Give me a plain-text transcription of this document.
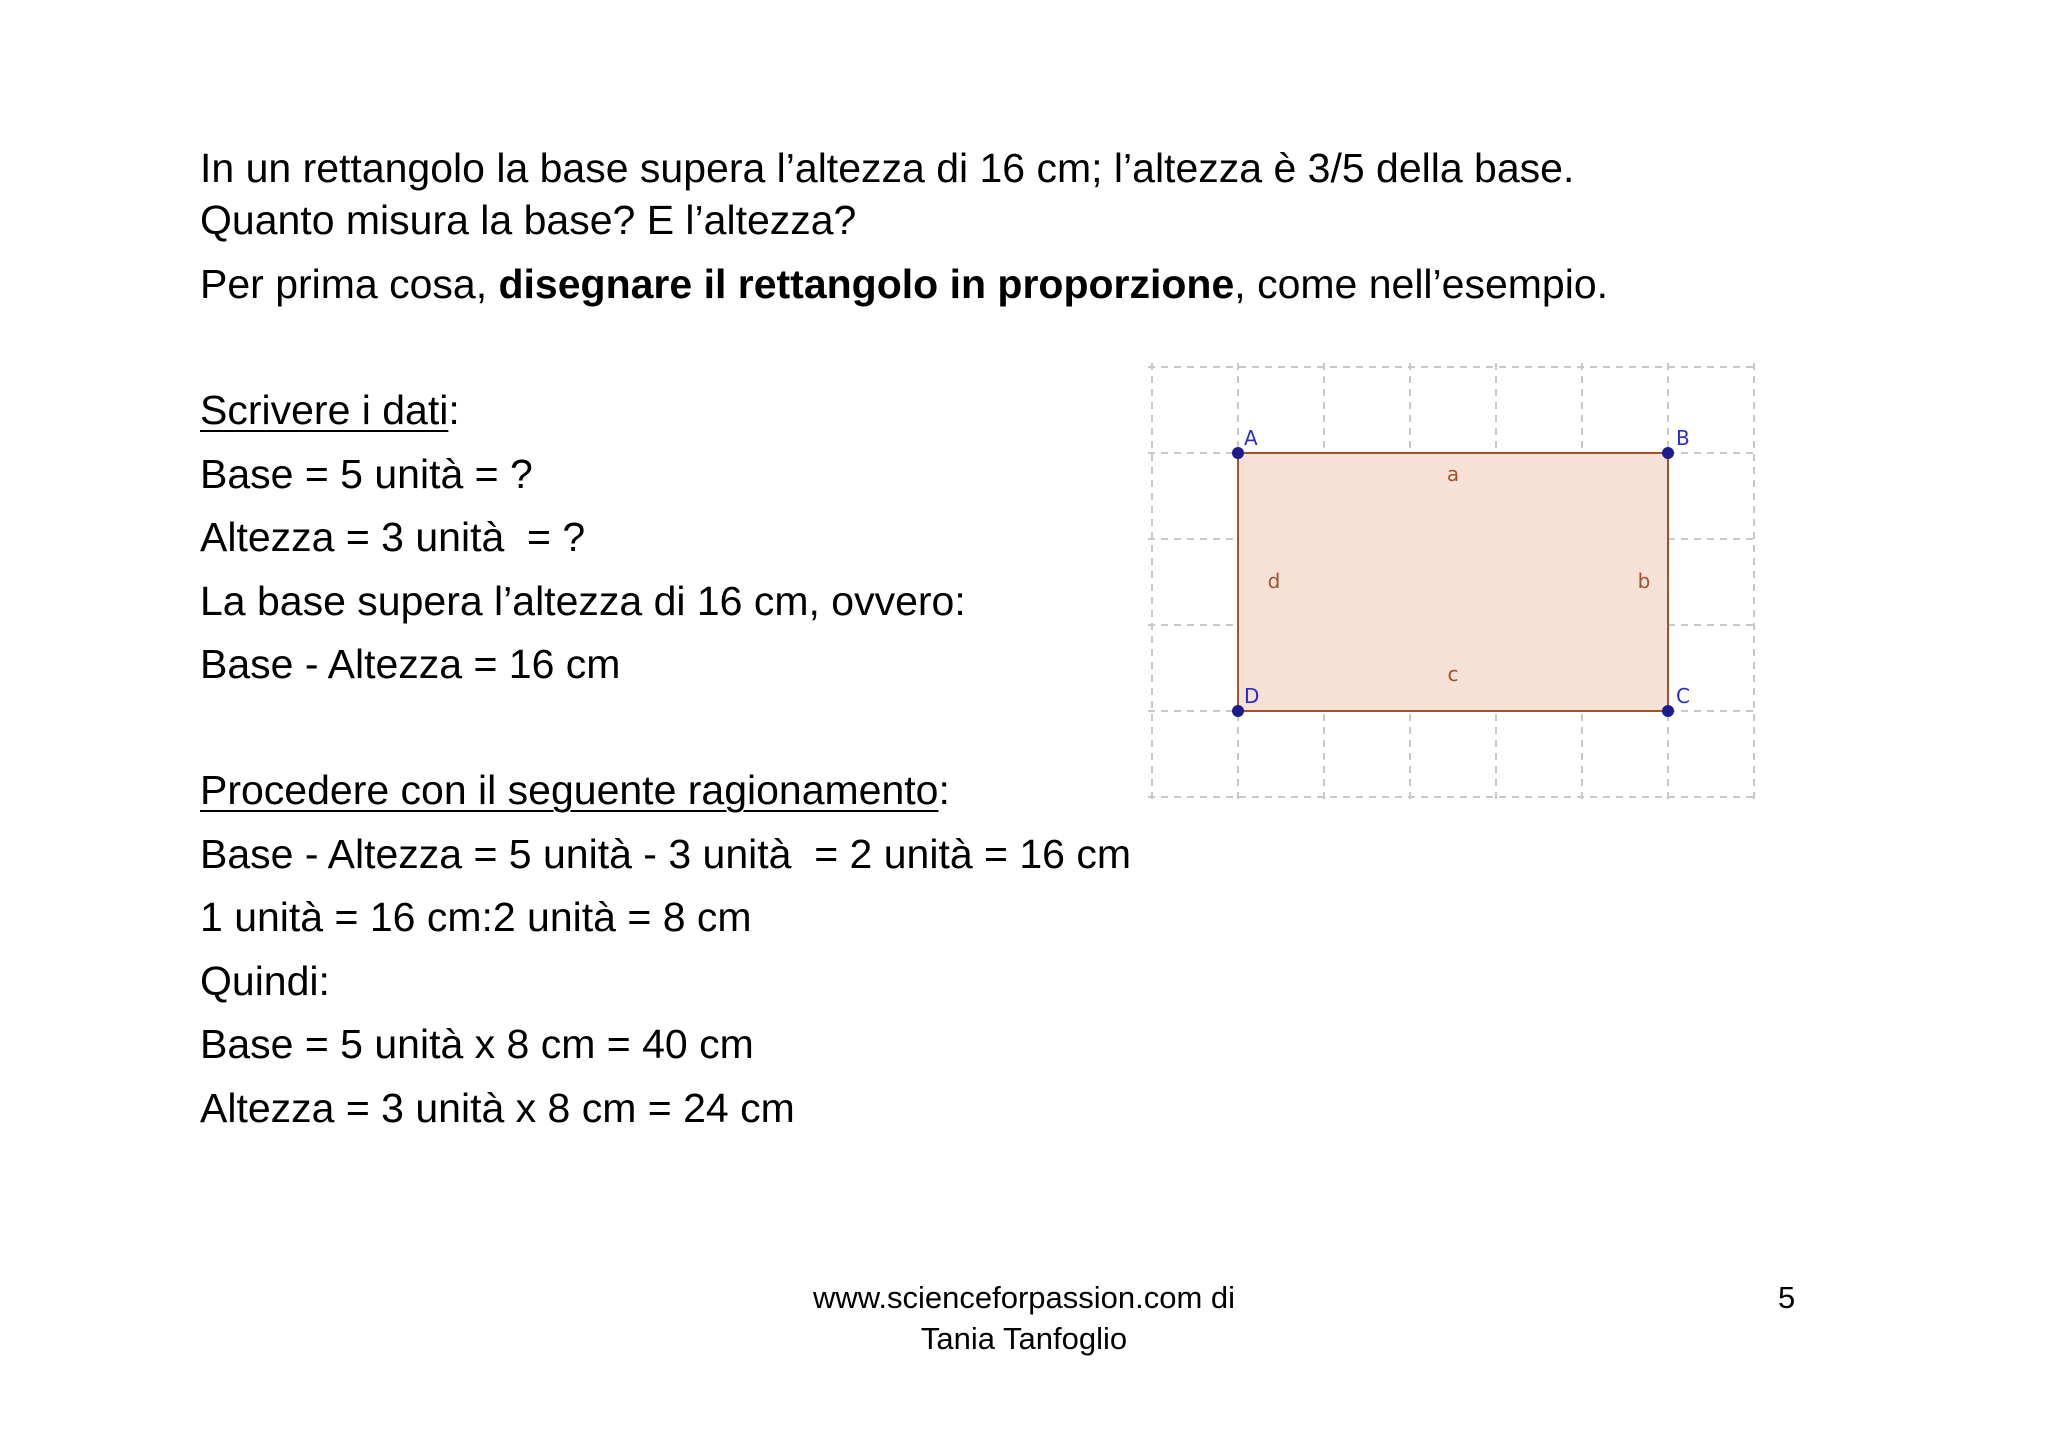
In un rettangolo la base supera l’altezza di 16 cm; l’altezza è 3/5 della base.
Quanto misura la base? E l’altezza?
Per prima cosa, disegnare il rettangolo in proporzione, come nell’esempio.
Scrivere i dati:
Base = 5 unità = ?
Altezza = 3 unità  = ?
La base supera l’altezza di 16 cm, ovvero:
Base - Altezza = 16 cm
Procedere con il seguente ragionamento:
Base - Altezza = 5 unità - 3 unità  = 2 unità = 16 cm
1 unità = 16 cm:2 unità = 8 cm
Quindi:
Base = 5 unità x 8 cm = 40 cm
Altezza = 3 unità x 8 cm = 24 cm
A	B
C
D
a
b
c
d
www.scienceforpassion.com di
Tania Tanfoglio
5
